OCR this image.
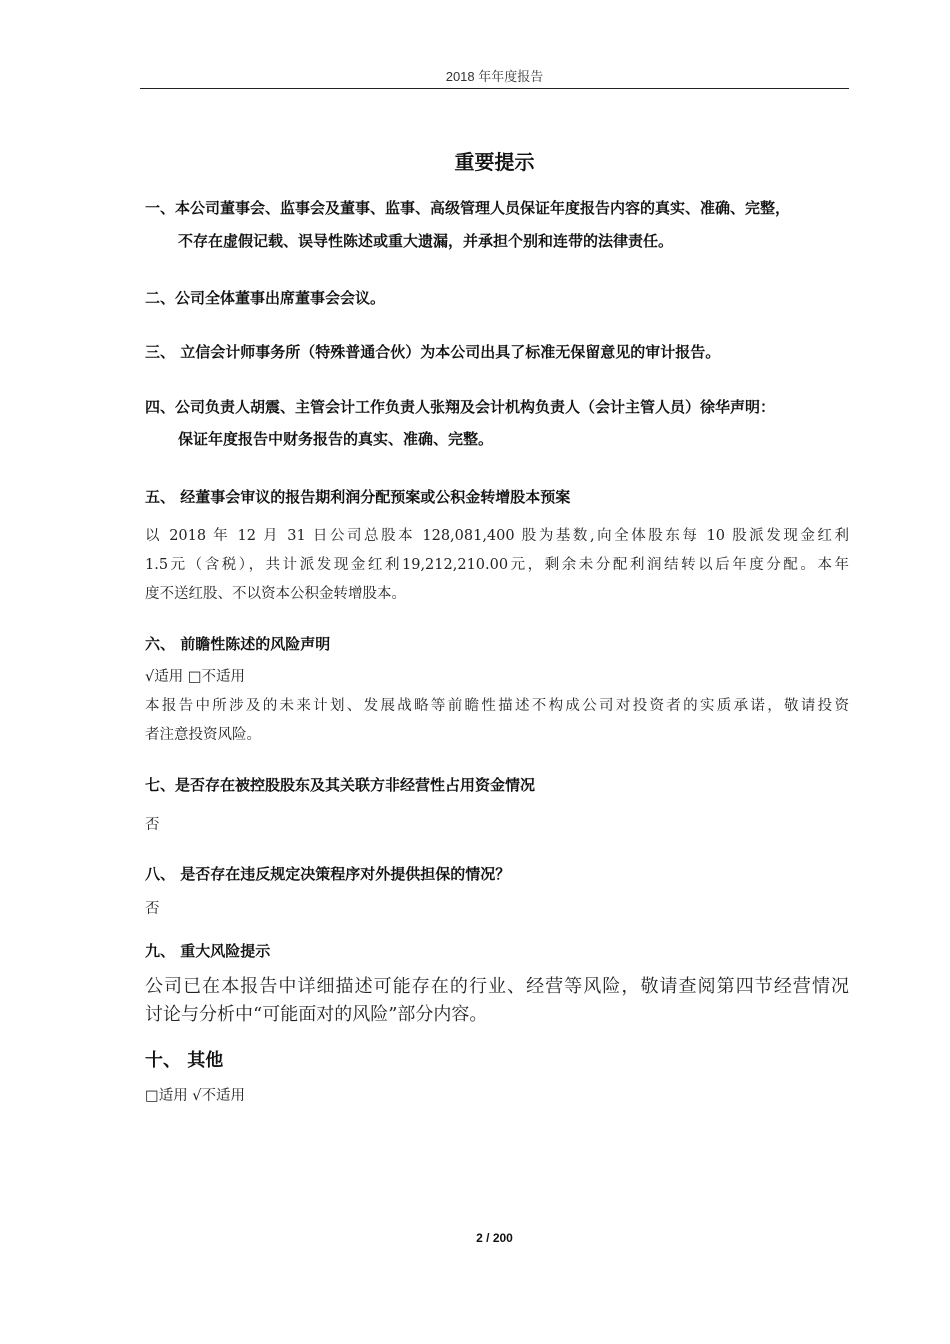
2018 年年度报告
重要提示
一、本公司董事会、监事会及董事、监事、高级管理人员保证年度报告内容的真实、准确、完整，
不存在虚假记载、误导性陈述或重大遗漏，并承担个别和连带的法律责任。
二、公司全体董事出席董事会会议。
三、 立信会计师事务所（特殊普通合伙）为本公司出具了标准无保留意见的审计报告。
四、公司负责人胡震、主管会计工作负责人张翔及会计机构负责人（会计主管人员）徐华声明：
保证年度报告中财务报告的真实、准确、完整。
五、 经董事会审议的报告期利润分配预案或公积金转增股本预案
以 2018 年 12 月 31 日公司总股本 128,081,400 股为基数,向全体股东每 10 股派发现金红利
1.5元（含税），共计派发现金红利19,212,210.00元，剩余未分配利润结转以后年度分配。本年
度不送红股、不以资本公积金转增股本。
六、 前瞻性陈述的风险声明
√适用 □不适用
本报告中所涉及的未来计划、发展战略等前瞻性描述不构成公司对投资者的实质承诺，敬请投资
者注意投资风险。
七、是否存在被控股股东及其关联方非经营性占用资金情况
否
八、 是否存在违反规定决策程序对外提供担保的情况？
否
九、 重大风险提示
公司已在本报告中详细描述可能存在的行业、经营等风险，敬请查阅第四节经营情况
讨论与分析中“可能面对的风险”部分内容。
十、 其他
□适用 √不适用
2 / 200
